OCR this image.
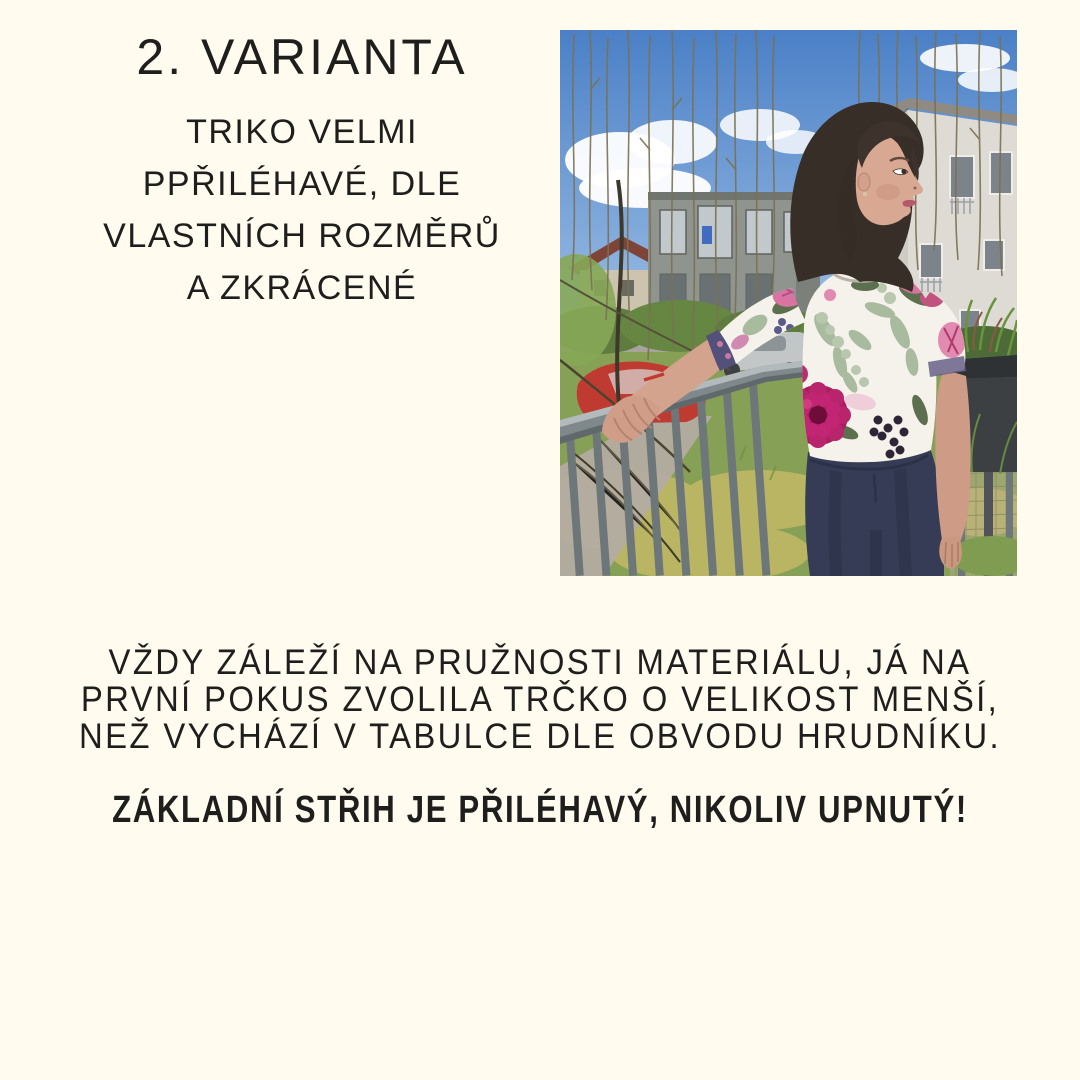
2. VARIANTA
TRIKO VELMI
PPŘILÉHAVÉ, DLE
VLASTNÍCH ROZMĚRŮ
A ZKRÁCENÉ
VŽDY ZÁLEŽÍ NA PRUŽNOSTI MATERIÁLU, JÁ NA
PRVNÍ POKUS ZVOLILA TRČKO O VELIKOST MENŠÍ,
NEŽ VYCHÁZÍ V TABULCE DLE OBVODU HRUDNÍKU.
ZÁKLADNÍ STŘIH JE PŘILÉHAVÝ, NIKOLIV UPNUTÝ!
